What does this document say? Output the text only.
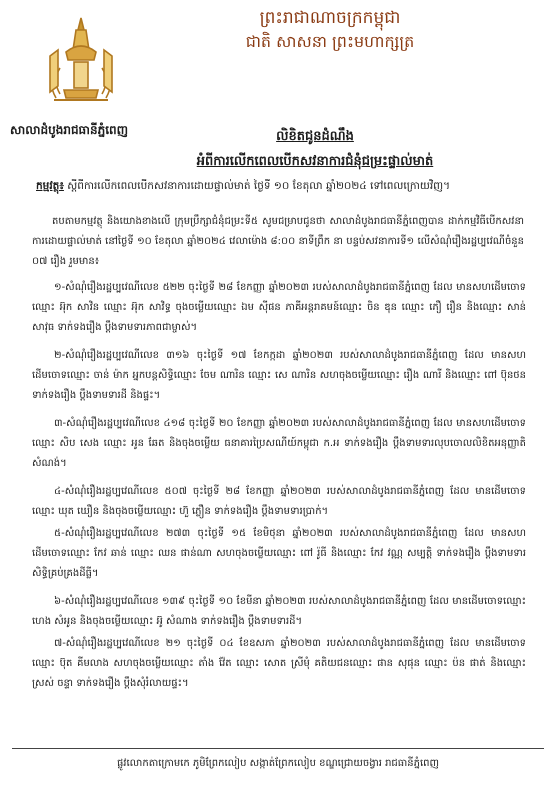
ព្រះរាជាណាចក្រកម្ពុជា
ជាតិ សាសនា ព្រះមហាក្សត្រ
សាលាដំបូងរាជធានីភ្នំពេញ	លិខិតជូនដំណឹង
អំពីការលើកពេលបើកសវនាការជំនុំជម្រះផ្ទាល់មាត់
កម្មវត្ថុ៖ ស្តីពីការលើកពេលបើកសវនាការដោយផ្ទាល់មាត់ ថ្ងៃទី ១០ ខែតុលា ឆ្នាំ២០២៤ ទៅពេលក្រោយវិញ។
តបតាមកម្មវត្ថុ និងយោងខាងលើ ក្រុមប្រឹក្សាជំនុំជម្រះទី៥ សូមជម្រាបជូនថា សាលាដំបូងរាជធានីភ្នំពេញបាន ដាក់កម្មវិធីបើកសវនាការដោយផ្ទាល់មាត់ នៅថ្ងៃទី ១០ ខែតុលា ឆ្នាំ២០២៤ វេលាម៉ោង ៨:០០ នាទីព្រឹក នា បន្ទប់សវនាការទី១ លើសំណុំរឿងរដ្ឋប្បវេណីចំនួន ០៧ រឿង រួមមាន៖
១-សំណុំរឿងរដ្ឋប្បវេណីលេខ ៥២២ ចុះថ្ងៃទី ២៨ ខែកញ្ញា ឆ្នាំ២០២៣ របស់សាលាដំបូងរាជធានីភ្នំពេញ ដែល មានសហដើមចោទឈ្មោះ អ៊ុក សាវិន ឈ្មោះ អ៊ុក សាវិទ្ធ ចុងចម្លើយឈ្មោះ ឯម ស៊ីផន ភាគីអន្តរាគមន៍ឈ្មោះ ចិន ឌុន ឈ្មោះ ភឿ រឿន និងឈ្មោះ សាន់ សាវុធ ទាក់ទងរឿង ប្តឹងទាមទារភាពជាម្ចាស់។
២-សំណុំរឿងរដ្ឋប្បវេណីលេខ ៣១៦ ចុះថ្ងៃទី ១៧ ខែកក្កដា ឆ្នាំ២០២៣ របស់សាលាដំបូងរាជធានីភ្នំពេញ ដែល មានសហដើមចោទឈ្មោះ ចាន់ ម៉ាក អ្នកបន្តសិទ្ធិឈ្មោះ ចែម ណារិន ឈ្មោះ សេ ណារិន សហចុងចម្លើយឈ្មោះ រឿង ណារី និងឈ្មោះ ពៅ ប៊ុនថន ទាក់ទងរឿង ប្តឹងទាមទារដី និងផ្ទះ។
៣-សំណុំរឿងរដ្ឋប្បវេណីលេខ ៤១៨ ចុះថ្ងៃទី ២០ ខែកញ្ញា ឆ្នាំ២០២៣ របស់សាលាដំបូងរាជធានីភ្នំពេញ ដែល មានសហដើមចោទឈ្មោះ សិប សេង ឈ្មោះ អូន ឆែត និងចុងចម្លើយ ធនាគារប្រៃសណីយ៍កម្ពុជា ក.អ ទាក់ទងរឿង ប្តឹងទាមទារលុបចោលលិខិតអនុញ្ញាតិសំណង់។
៤-សំណុំរឿងរដ្ឋប្បវេណីលេខ ៥០៧ ចុះថ្ងៃទី ២៨ ខែកញ្ញា ឆ្នាំ២០២៣ របស់សាលាដំបូងរាជធានីភ្នំពេញ ដែល មានដើមចោទឈ្មោះ ឃុត ឃឿន និងចុងចម្លើយឈ្មោះ ហ៊ួ ភ្លឿន ទាក់ទងរឿង ប្តឹងទាមទារប្រាក់។
៥-សំណុំរឿងរដ្ឋប្បវេណីលេខ ២៧៣ ចុះថ្ងៃទី ១៥ ខែមិថុនា ឆ្នាំ២០២៣ របស់សាលាដំបូងរាជធានីភ្នំពេញ ដែល មានសហដើមចោទឈ្មោះ កែវ ឆាន់ ឈ្មោះ ឈន ផាន់ណា សហចុងចម្លើយឈ្មោះ ពៅ រ៉ូធី និងឈ្មោះ កែវ វណ្ណ សម្បត្តិ ទាក់ទងរឿង ប្តឹងទាមទារសិទ្ធិគ្រប់គ្រងដីធ្លី។
៦-សំណុំរឿងរដ្ឋប្បវេណីលេខ ១៣៩ ចុះថ្ងៃទី ១០ ខែមីនា ឆ្នាំ២០២៣ របស់សាលាដំបូងរាជធានីភ្នំពេញ ដែល មានដើមចោទឈ្មោះ ហេង សំអូន និងចុងចម្លើយឈ្មោះ អ៊ូ សំណាង ទាក់ទងរឿង ប្តឹងទាមទារដី។
៧-សំណុំរឿងរដ្ឋប្បវេណីលេខ ២១ ចុះថ្ងៃទី ០៤ ខែឧសភា ឆ្នាំ២០២៣ របស់សាលាដំបូងរាជធានីភ្នំពេញ ដែល មានដើមចោទឈ្មោះ ប៊ុត គីមលាង សហចុងចម្លើយឈ្មោះ តាំង វ៉ែត ឈ្មោះ សោត ស្រីមុំ គតិយជនឈ្មោះ ផាន សុផុន ឈ្មោះ ប៉ន ផាត់ និងឈ្មោះ ស្រស់ ចន្ទា ទាក់ទងរឿង ប្តឹងសុំរំលាយផ្ទះ។
ផ្លូវលោកតាក្រោមកេ ភូមិព្រែកលៀប សង្កាត់ព្រែកលៀប ខណ្ឌជ្រោយចង្វារ រាជធានីភ្នំពេញ
